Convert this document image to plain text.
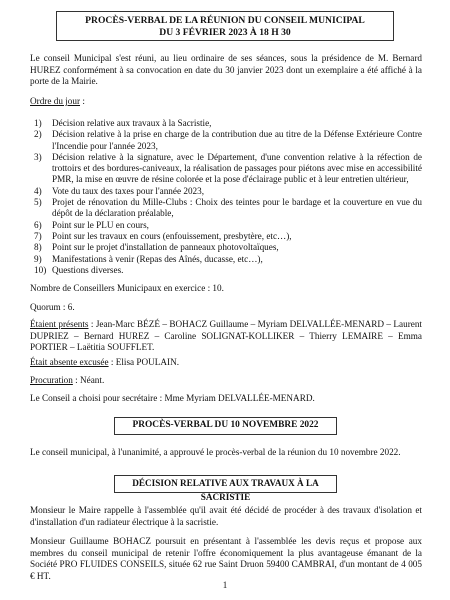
PROCÈS-VERBAL DE LA RÉUNION DU CONSEIL MUNICIPAL
DU 3 FÉVRIER 2023 À 18 H 30
Le conseil Municipal s'est réuni, au lieu ordinaire de ses séances, sous la présidence de M. Bernard HUREZ conformément à sa convocation en date du 30 janvier 2023 dont un exemplaire a été affiché à la porte de la Mairie.
Ordre du jour :
1) Décision relative aux travaux à la Sacristie,
2) Décision relative à la prise en charge de la contribution due au titre de la Défense Extérieure Contre l'Incendie pour l'année 2023,
3) Décision relative à la signature, avec le Département, d'une convention relative à la réfection de trottoirs et des bordures-caniveaux, la réalisation de passages pour piétons avec mise en accessibilité PMR, la mise en œuvre de résine colorée et la pose d'éclairage public et à leur entretien ultérieur,
4) Vote du taux des taxes pour l'année 2023,
5) Projet de rénovation du Mille-Clubs : Choix des teintes pour le bardage et la couverture en vue du dépôt de la déclaration préalable,
6) Point sur le PLU en cours,
7) Point sur les travaux en cours (enfouissement, presbytère, etc…),
8) Point sur le projet d'installation de panneaux photovoltaïques,
9) Manifestations à venir (Repas des Aînés, ducasse, etc…),
10) Questions diverses.
Nombre de Conseillers Municipaux en exercice : 10.
Quorum : 6.
Étaient présents : Jean-Marc BÉZÉ – BOHACZ Guillaume – Myriam DELVALLÉE-MENARD – Laurent DUPRIEZ – Bernard HUREZ – Caroline SOLIGNAT-KOLLIKER – Thierry LEMAIRE – Emma PORTIER – Laëtitia SOUFFLET.
Était absente excusée : Elisa POULAIN.
Procuration : Néant.
Le Conseil a choisi pour secrétaire : Mme Myriam DELVALLÉE-MENARD.
PROCÈS-VERBAL DU 10 NOVEMBRE 2022
Le conseil municipal, à l'unanimité, a approuvé le procès-verbal de la réunion du 10 novembre 2022.
DÉCISION RELATIVE AUX TRAVAUX À LA SACRISTIE
Monsieur le Maire rappelle à l'assemblée qu'il avait été décidé de procéder à des travaux d'isolation et d'installation d'un radiateur électrique à la sacristie.
Monsieur Guillaume BOHACZ poursuit en présentant à l'assemblée les devis reçus et propose aux membres du conseil municipal de retenir l'offre économiquement la plus avantageuse émanant de la Société PRO FLUIDES CONSEILS, située 62 rue Saint Druon 59400 CAMBRAI, d'un montant de 4 005 € HT.
1
